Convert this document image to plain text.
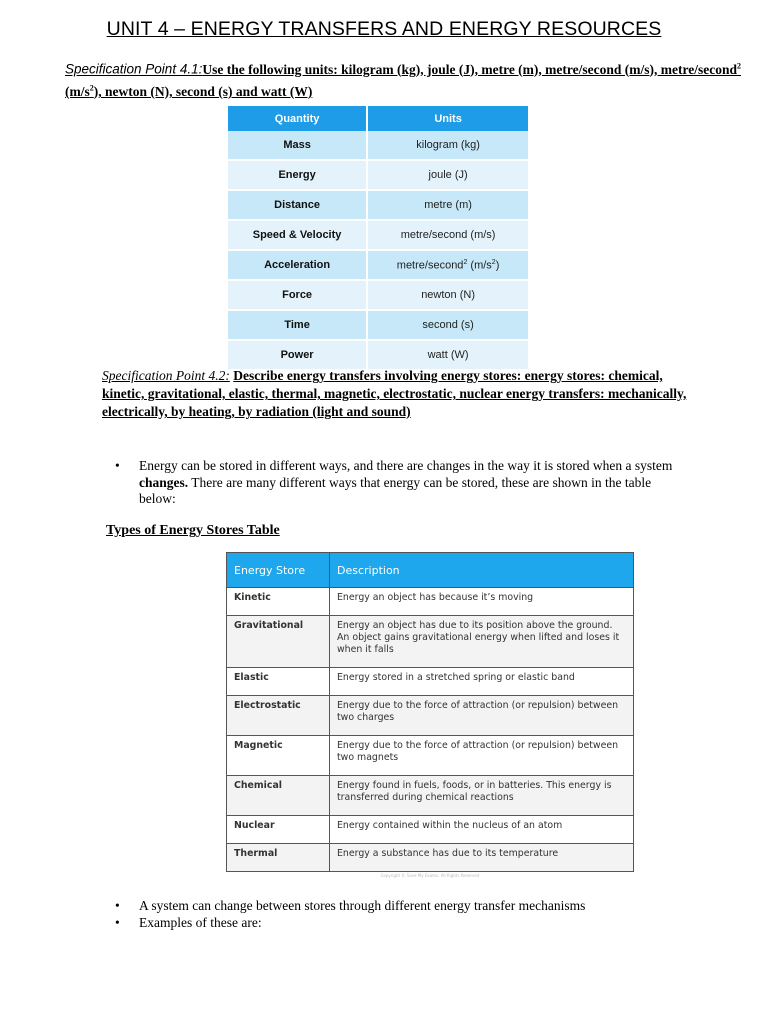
UNIT 4 – ENERGY TRANSFERS AND ENERGY RESOURCES
Specification Point 4.1:Use the following units: kilogram (kg), joule (J), metre (m), metre/second (m/s), metre/second$^2$ $(m/s^2)$, newton (N), second (s) and watt (W)
Quantity	Units
Mass	kilogram (kg)
Energy	joule (J)
Distance	metre (m)
Speed & Velocity	metre/second (m/s)
Acceleration	metre/second$^2$ $(m/s^2)$
Force	newton (N)
Time	second (s)
Power	watt (W)
Specification Point 4.2: Describe energy transfers involving energy stores: energy stores: chemical, kinetic, gravitational, elastic, thermal, magnetic, electrostatic, nuclear energy transfers: mechanically, electrically, by heating, by radiation (light and sound)
• Energy can be stored in different ways, and there are changes in the way it is stored when a system changes. There are many different ways that energy can be stored, these are shown in the table below:
Types of Energy Stores Table
Energy Store	Description
Kinetic	Energy an object has because it’s moving
Gravitational	Energy an object has due to its position above the ground. An object gains gravitational energy when lifted and loses it when it falls
Elastic	Energy stored in a stretched spring or elastic band
Electrostatic	Energy due to the force of attraction (or repulsion) between two charges
Magnetic	Energy due to the force of attraction (or repulsion) between two magnets
Chemical	Energy found in fuels, foods, or in batteries. This energy is transferred during chemical reactions
Nuclear	Energy contained within the nucleus of an atom
Thermal	Energy a substance has due to its temperature
Copyright © Save My Exams. All Rights Reserved
• A system can change between stores through different energy transfer mechanisms
• Examples of these are:
